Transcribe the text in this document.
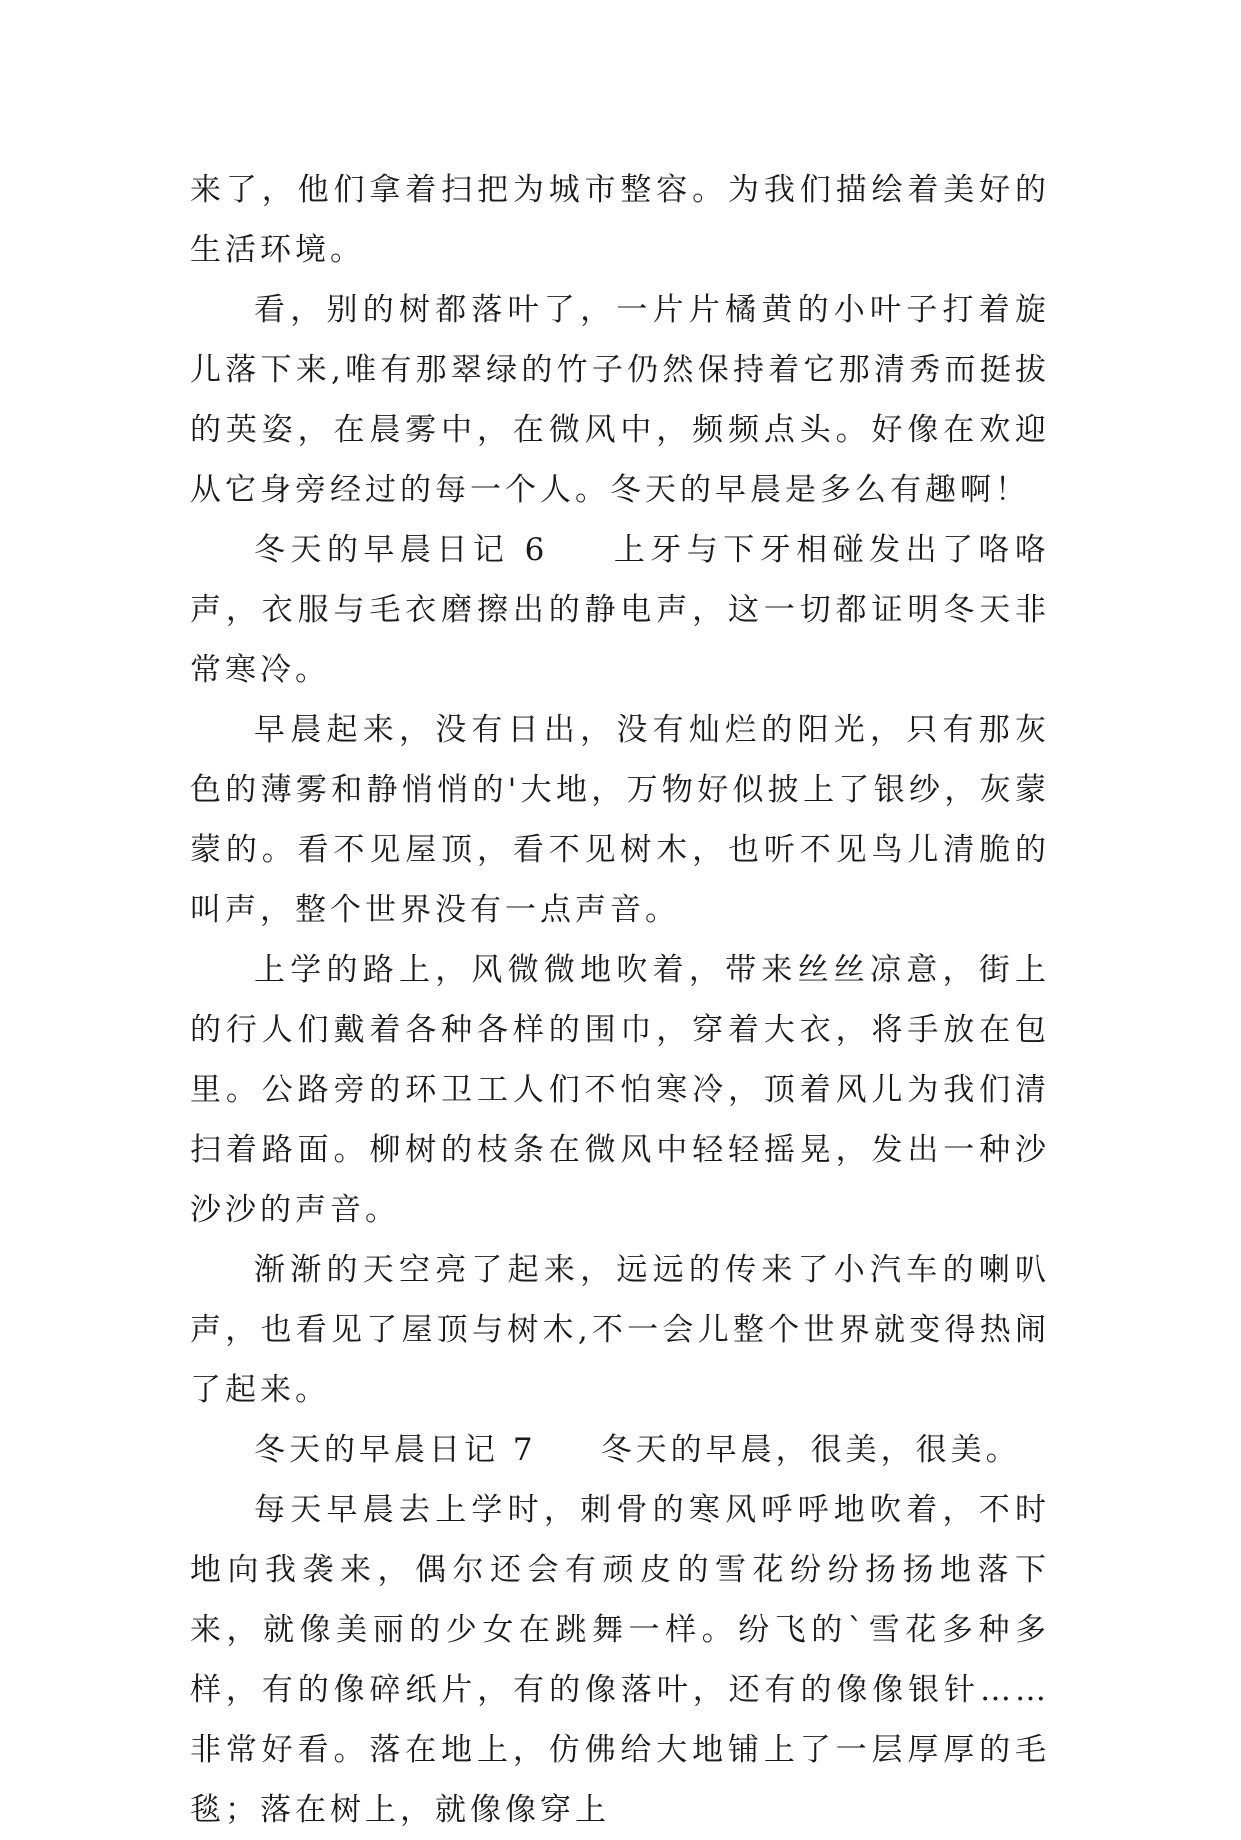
来了，他们拿着扫把为城市整容。为我们描绘着美好的生活环境。

看，别的树都落叶了，一片片橘黄的小叶子打着旋儿落下来,唯有那翠绿的竹子仍然保持着它那清秀而挺拔的英姿，在晨雾中，在微风中，频频点头。好像在欢迎从它身旁经过的每一个人。冬天的早晨是多么有趣啊！

冬天的早晨日记 6 上牙与下牙相碰发出了咯咯声，衣服与毛衣磨擦出的静电声，这一切都证明冬天非常寒冷。

早晨起来，没有日出，没有灿烂的阳光，只有那灰色的薄雾和静悄悄的'大地，万物好似披上了银纱，灰蒙蒙的。看不见屋顶，看不见树木，也听不见鸟儿清脆的叫声，整个世界没有一点声音。

上学的路上，风微微地吹着，带来丝丝凉意，街上的行人们戴着各种各样的围巾，穿着大衣，将手放在包里。公路旁的环卫工人们不怕寒冷，顶着风儿为我们清扫着路面。柳树的枝条在微风中轻轻摇晃，发出一种沙沙沙的声音。

渐渐的天空亮了起来，远远的传来了小汽车的喇叭声，也看见了屋顶与树木,不一会儿整个世界就变得热闹了起来。

冬天的早晨日记 7 冬天的早晨，很美，很美。

每天早晨去上学时，刺骨的寒风呼呼地吹着，不时地向我袭来，偶尔还会有顽皮的雪花纷纷扬扬地落下来，就像美丽的少女在跳舞一样。纷飞的`雪花多种多样，有的像碎纸片，有的像落叶，还有的像像银针……非常好看。落在地上，仿佛给大地铺上了一层厚厚的毛毯；落在树上，就像像穿上
